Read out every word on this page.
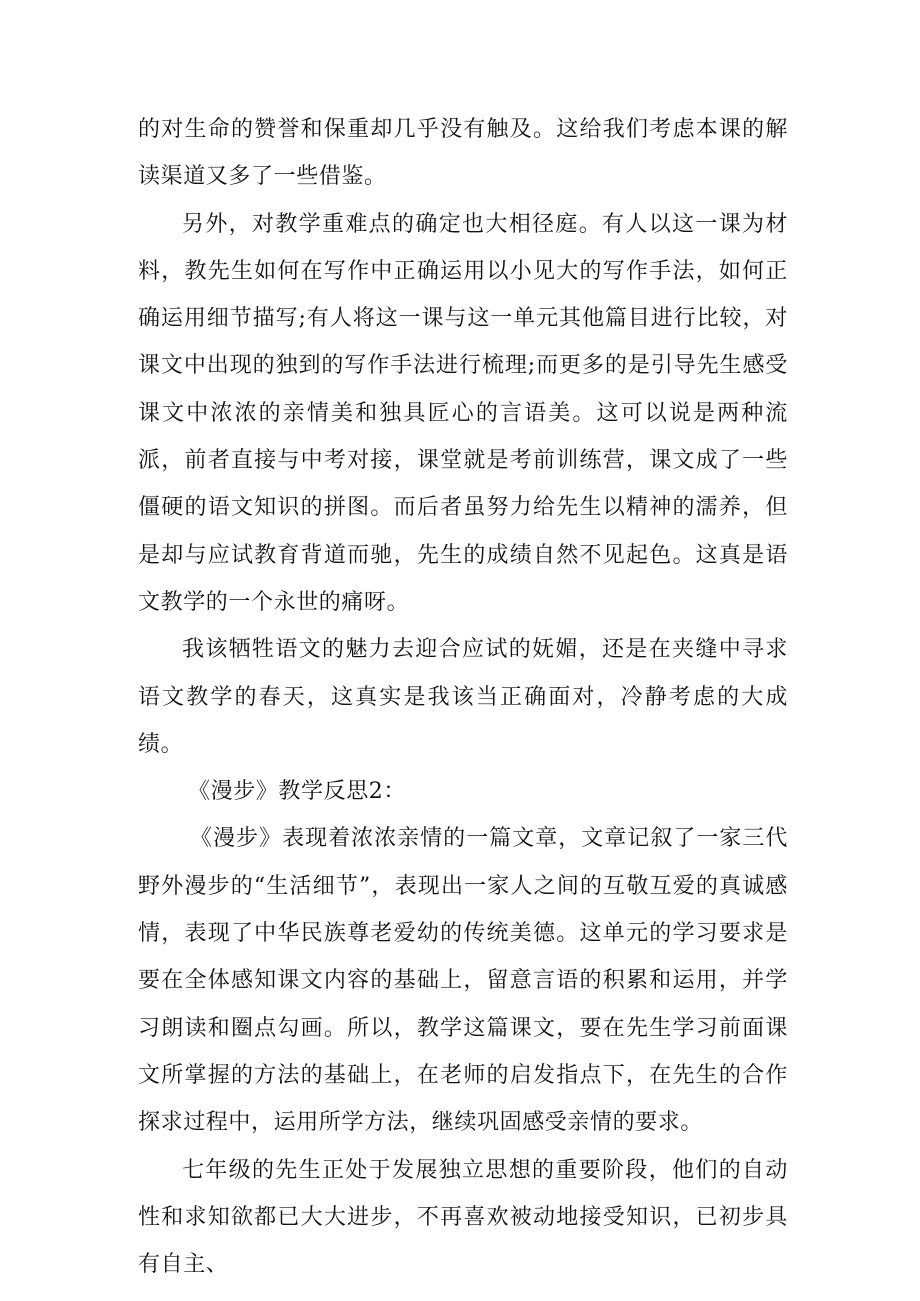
的对生命的赞誉和保重却几乎没有触及。这给我们考虑本课的解读渠道又多了一些借鉴。

另外，对教学重难点的确定也大相径庭。有人以这一课为材料，教先生如何在写作中正确运用以小见大的写作手法，如何正确运用细节描写;有人将这一课与这一单元其他篇目进行比较，对课文中出现的独到的写作手法进行梳理;而更多的是引导先生感受课文中浓浓的亲情美和独具匠心的言语美。这可以说是两种流派，前者直接与中考对接，课堂就是考前训练营，课文成了一些僵硬的语文知识的拼图。而后者虽努力给先生以精神的濡养，但是却与应试教育背道而驰，先生的成绩自然不见起色。这真是语文教学的一个永世的痛呀。

我该牺牲语文的魅力去迎合应试的妩媚，还是在夹缝中寻求语文教学的春天，这真实是我该当正确面对，冷静考虑的大成绩。

《漫步》教学反思2：

《漫步》表现着浓浓亲情的一篇文章，文章记叙了一家三代野外漫步的“生活细节”，表现出一家人之间的互敬互爱的真诚感情，表现了中华民族尊老爱幼的传统美德。这单元的学习要求是要在全体感知课文内容的基础上，留意言语的积累和运用，并学习朗读和圈点勾画。所以，教学这篇课文，要在先生学习前面课文所掌握的方法的基础上，在老师的启发指点下，在先生的合作探求过程中，运用所学方法，继续巩固感受亲情的要求。

七年级的先生正处于发展独立思想的重要阶段，他们的自动性和求知欲都已大大进步，不再喜欢被动地接受知识，已初步具有自主、
